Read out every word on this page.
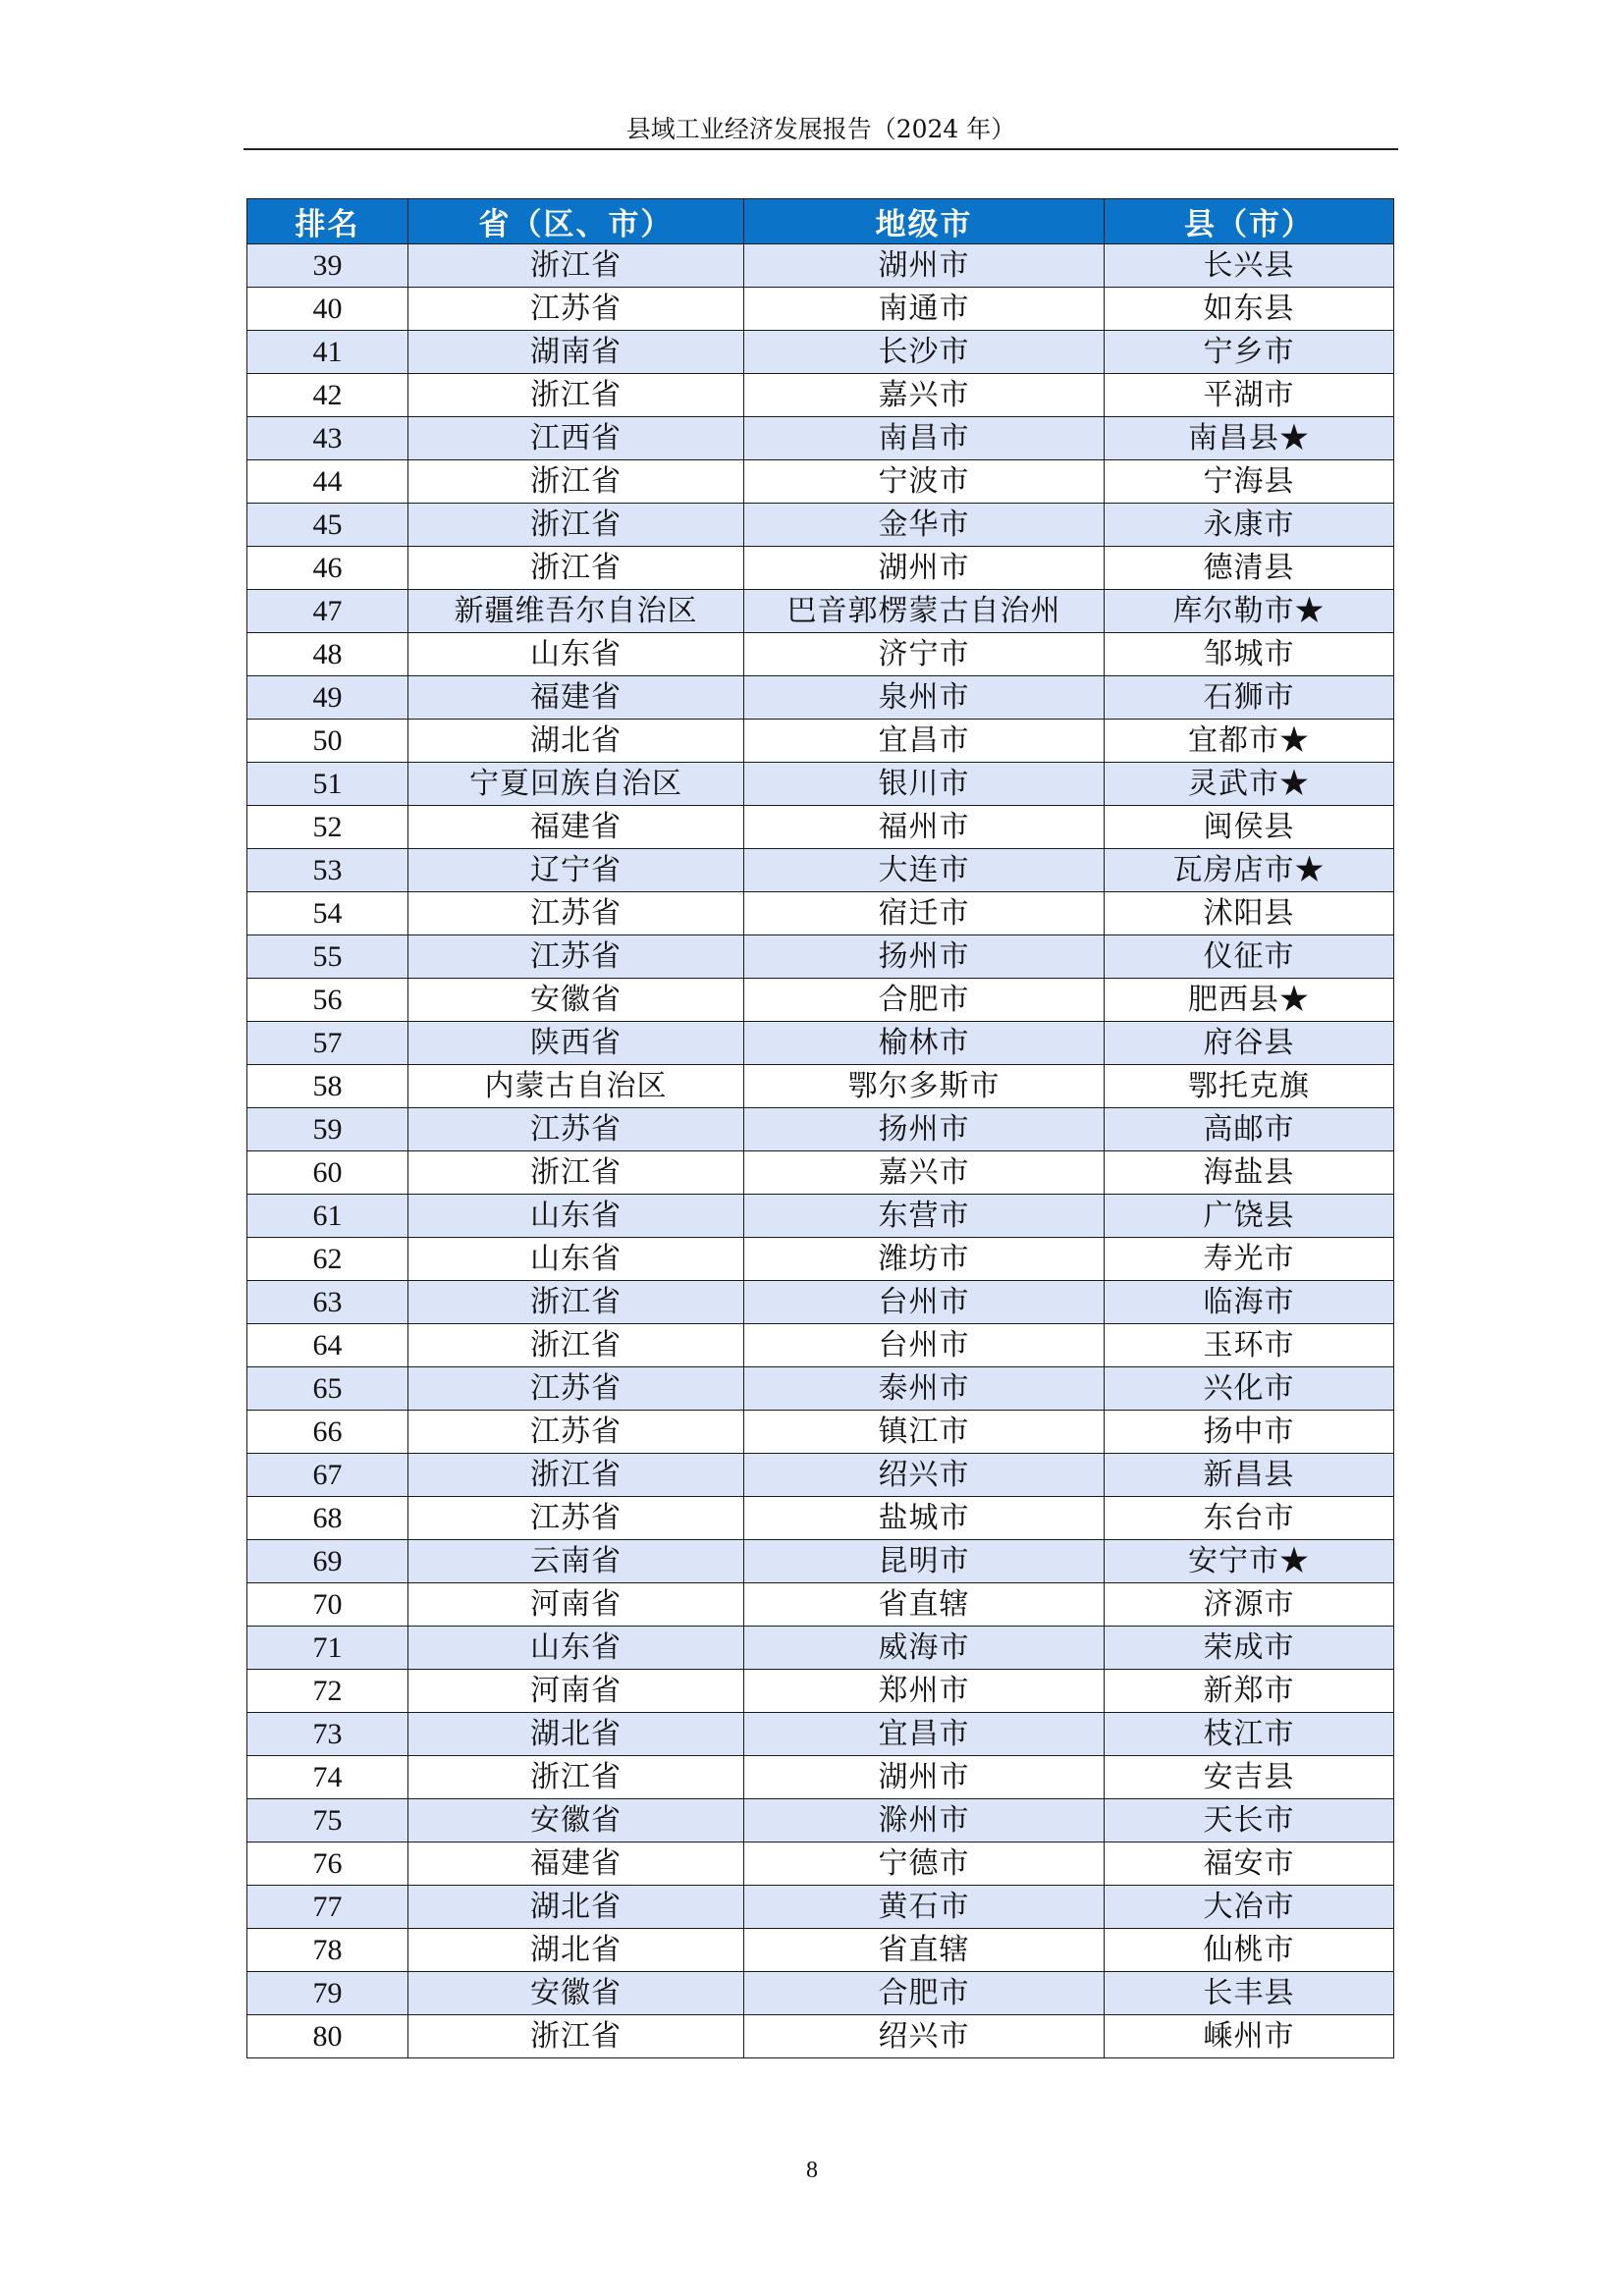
县域工业经济发展报告（2024 年）
排名	省（区、市）	地级市	县（市）
39	浙江省	湖州市	长兴县
40	江苏省	南通市	如东县
41	湖南省	长沙市	宁乡市
42	浙江省	嘉兴市	平湖市
43	江西省	南昌市	南昌县★
44	浙江省	宁波市	宁海县
45	浙江省	金华市	永康市
46	浙江省	湖州市	德清县
47	新疆维吾尔自治区	巴音郭楞蒙古自治州	库尔勒市★
48	山东省	济宁市	邹城市
49	福建省	泉州市	石狮市
50	湖北省	宜昌市	宜都市★
51	宁夏回族自治区	银川市	灵武市★
52	福建省	福州市	闽侯县
53	辽宁省	大连市	瓦房店市★
54	江苏省	宿迁市	沭阳县
55	江苏省	扬州市	仪征市
56	安徽省	合肥市	肥西县★
57	陕西省	榆林市	府谷县
58	内蒙古自治区	鄂尔多斯市	鄂托克旗
59	江苏省	扬州市	高邮市
60	浙江省	嘉兴市	海盐县
61	山东省	东营市	广饶县
62	山东省	潍坊市	寿光市
63	浙江省	台州市	临海市
64	浙江省	台州市	玉环市
65	江苏省	泰州市	兴化市
66	江苏省	镇江市	扬中市
67	浙江省	绍兴市	新昌县
68	江苏省	盐城市	东台市
69	云南省	昆明市	安宁市★
70	河南省	省直辖	济源市
71	山东省	威海市	荣成市
72	河南省	郑州市	新郑市
73	湖北省	宜昌市	枝江市
74	浙江省	湖州市	安吉县
75	安徽省	滁州市	天长市
76	福建省	宁德市	福安市
77	湖北省	黄石市	大冶市
78	湖北省	省直辖	仙桃市
79	安徽省	合肥市	长丰县
80	浙江省	绍兴市	嵊州市
8
